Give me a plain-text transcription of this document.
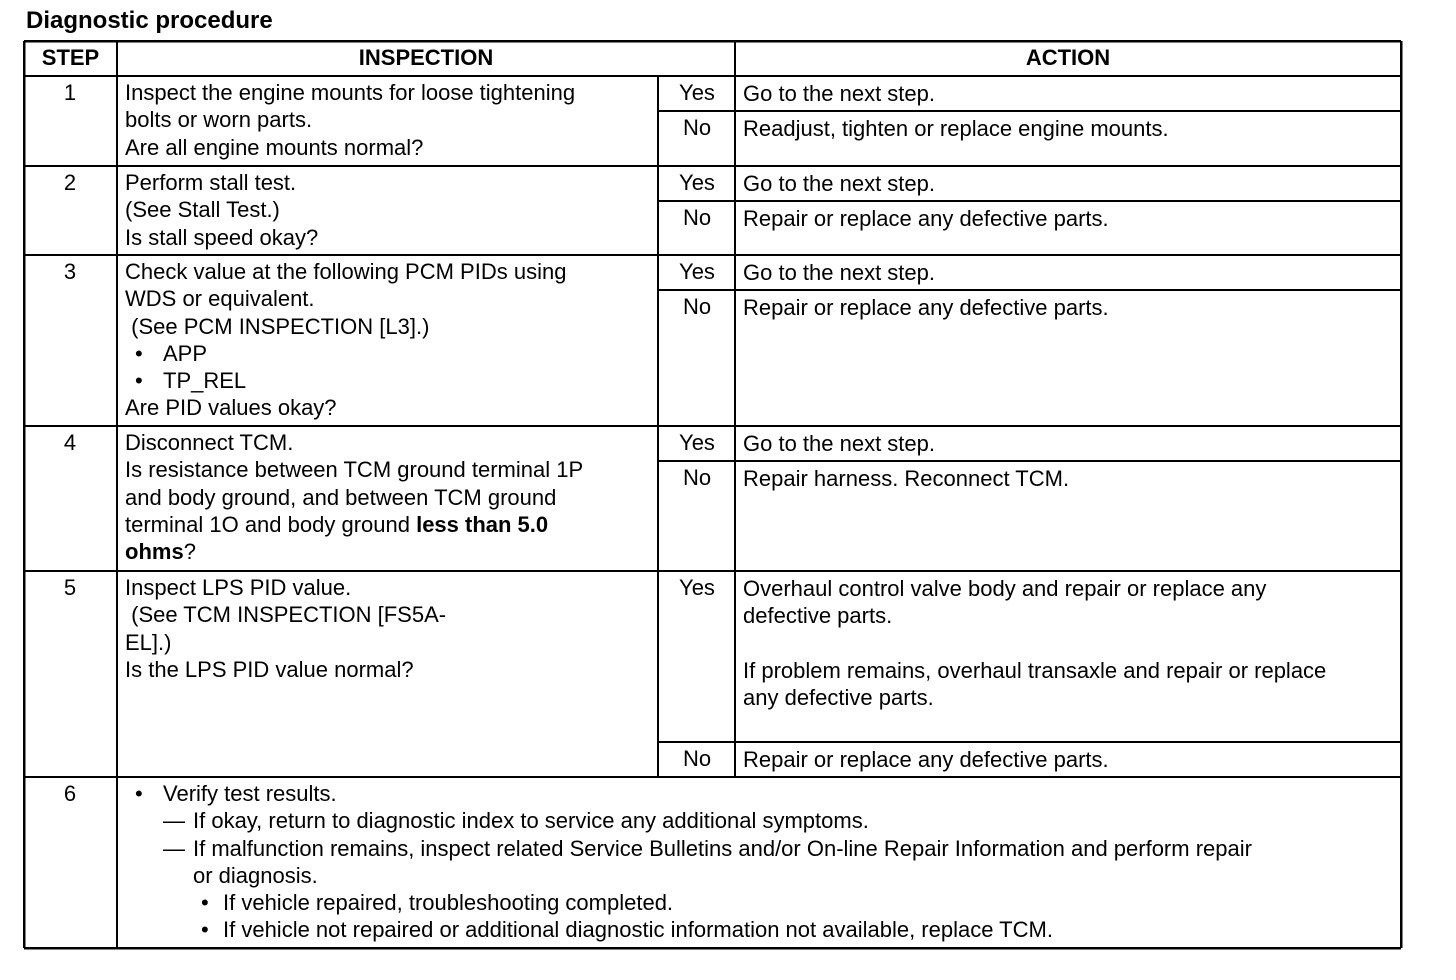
Diagnostic procedure
STEP	INSPECTION	ACTION
1	Inspect the engine mounts for loose tightening
bolts or worn parts.
Are all engine mounts normal?
Yes	Go to the next step.
No	Readjust, tighten or replace engine mounts.
2	Perform stall test.
(See Stall Test.)
Is stall speed okay?
Yes	Go to the next step.
No	Repair or replace any defective parts.
3	Check value at the following PCM PIDs using
WDS or equivalent.
(See PCM INSPECTION [L3].)
• APP
• TP_REL
Are PID values okay?
Yes	Go to the next step.
No	Repair or replace any defective parts.
4	Disconnect TCM.
Is resistance between TCM ground terminal 1P
and body ground, and between TCM ground
terminal 1O and body ground less than 5.0
ohms?
Yes	Go to the next step.
No	Repair harness. Reconnect TCM.
5	Inspect LPS PID value.
(See TCM INSPECTION [FS5A-
EL].)
Is the LPS PID value normal?
Yes	Overhaul control valve body and repair or replace any
defective parts.
If problem remains, overhaul transaxle and repair or replace
any defective parts.
No	Repair or replace any defective parts.
6
•	Verify test results.
— If okay, return to diagnostic index to service any additional symptoms.
— If malfunction remains, inspect related Service Bulletins and/or On-line Repair Information and perform repair
or diagnosis.
• If vehicle repaired, troubleshooting completed.
• If vehicle not repaired or additional diagnostic information not available, replace TCM.
